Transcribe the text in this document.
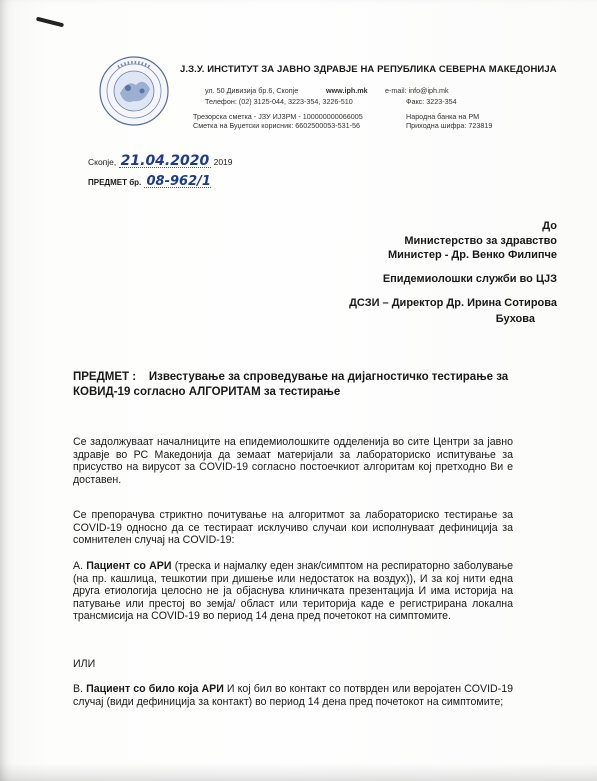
Ј.З.У. ИНСТИТУТ ЗА ЈАВНО ЗДРАВЈЕ НА РЕПУБЛИКА СЕВЕРНА МАКЕДОНИЈА
ул. 50 Дивизија бр.6, Скопје	www.iph.mk e-mail: info@iph.mk
Телефон: (02) 3125-044, 3223-354, 3226-510	Факс: 3223-354
Трезорска сметка - ЈЗУ ИЈЗРМ - 100000000066005	Народна банка на РМ
Сметка на Буџетски корисник: 6602500053-531-56	Приходна шифра: 723819
Скопје, 21.04.2020 2019
ПРЕДМЕТ бр. 08-962/1
До
Министерство за здравство
Министер - Др. Венко Филипче
Епидемиолошки служби во ЦЈЗ
ДСЗИ – Директор Др. Ирина Сотирова
Бухова
ПРЕДМЕТ : Известување за спроведување на дијагностичко тестирање за КОВИД-19 согласно АЛГОРИТАМ за тестирање
Се задолжуваат началниците на епидемиолошките одделенија во сите Центри за јавно здравје во РС Македонија да земаат материјали за лабораториско испитување за присуство на вирусот за COVID-19 согласно постоечкиот алгоритам кој претходно Ви е доставен.
Се препорачува стриктно почитување на алгоритмот за лабораториско тестирање за COVID-19 односно да се тестираат исклучиво случаи кои исполнуваат дефиниција за сомнителен случај на COVID-19:
А. Пациент со АРИ (треска и најмалку еден знак/симптом на респираторно заболување (на пр. кашлица, тешкотии при дишење или недостаток на воздух)), И за кој нити една друга етиологија целосно не ја објаснува клиничката презентација И има историја на патување или престој во земја/ област или територија каде е регистрирана локална трансмисија на COVID-19 во период 14 дена пред почетокот на симптомите.
ИЛИ
В. Пациент со било која АРИ И кој бил во контакт со потврден или веројатен COVID-19 случај (види дефиниција за контакт) во период 14 дена пред почетокот на симптомите;
